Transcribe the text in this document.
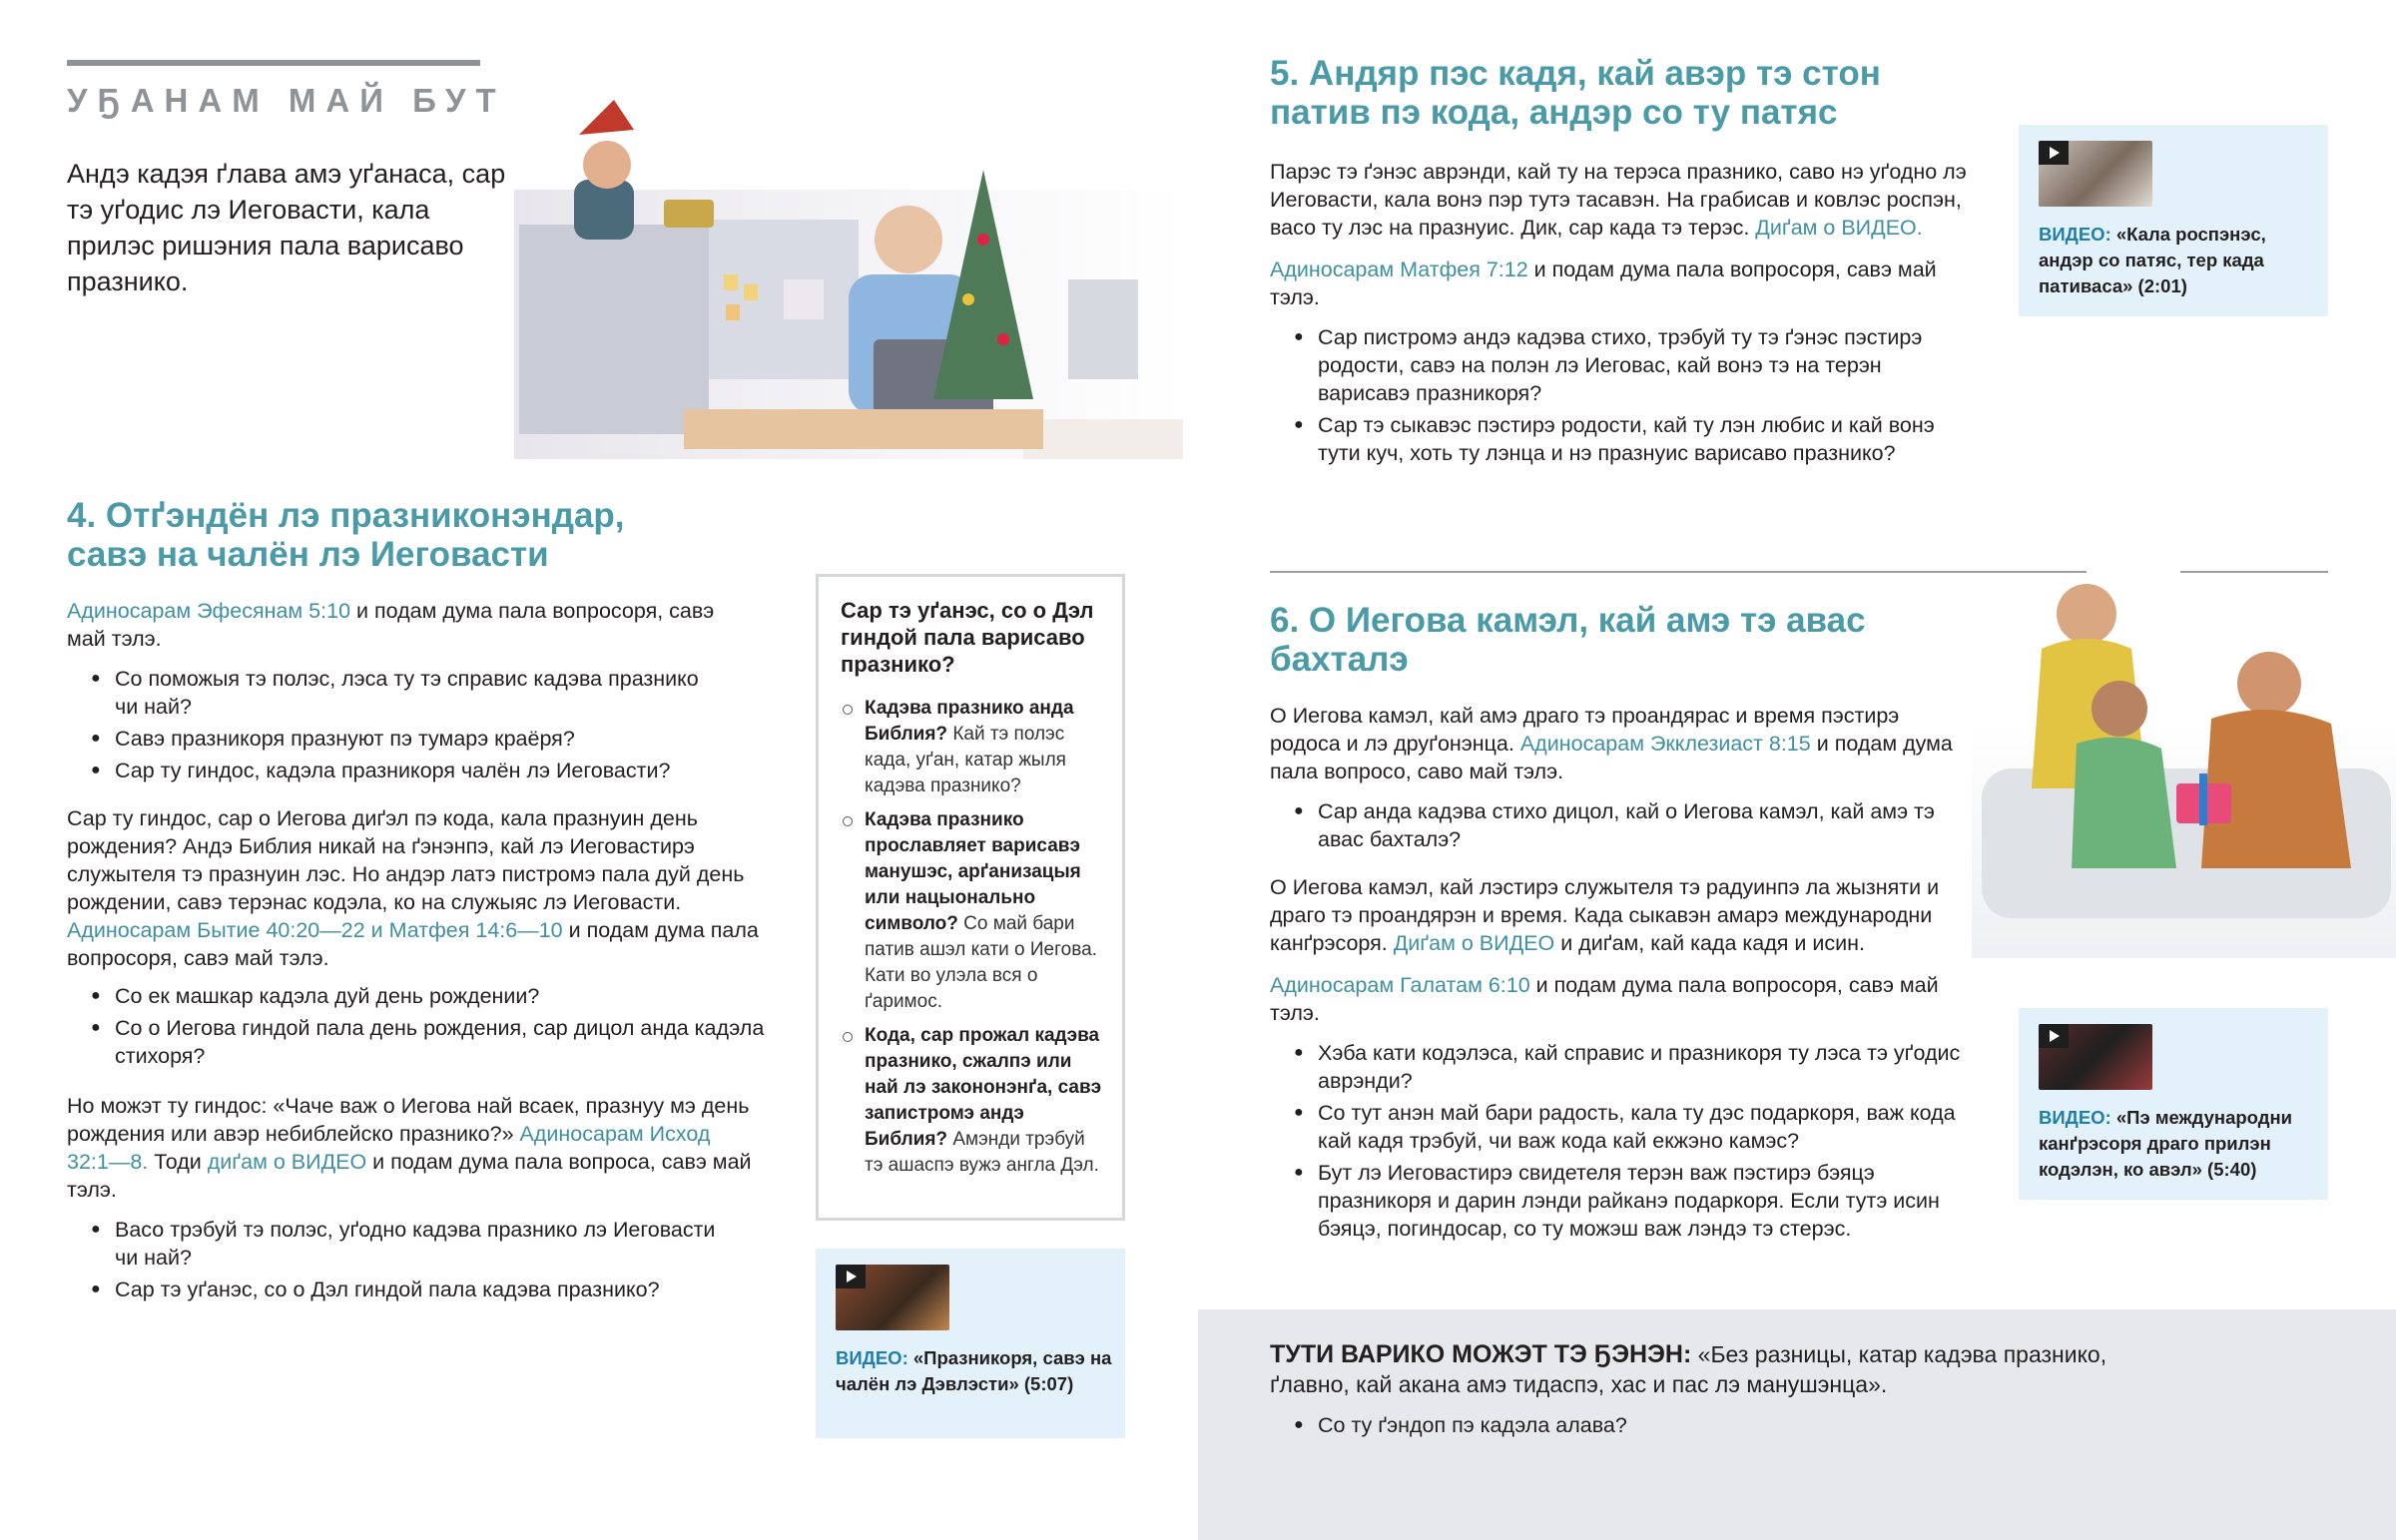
УҔАНАМ МАЙ БУТ
Андэ кадэя ґлава амэ уґанаса, сар тэ уґодис лэ Иеговасти, кала прилэс ришэния пала варисаво празнико.
4. Отґэндён лэ празниконэндар,
савэ на чалён лэ Иеговасти

Адиносарам Эфесянам 5:10 и подам дума пала вопросоря, савэ май тэлэ.

● Со поможыя тэ полэс, лэса ту тэ справис кадэва празнико чи най?
● Савэ празникоря празнуют пэ тумарэ краёря?
● Сар ту гиндос, кадэла празникоря чалён лэ Иеговасти?

Сар ту гиндос, сар о Иегова диґэл пэ кода, кала празнуин день рождения? Андэ Библия никай на ґэнэнпэ, кай лэ Иеговастирэ служытеля тэ празнуин лэс. Но андэр латэ пистромэ пала дуй день рождении, савэ терэнас кодэла, ко на служыяс лэ Иеговасти. Адиносарам Бытие 40:20—22 и Матфея 14:6—10 и подам дума пала вопросоря, савэ май тэлэ.

● Со ек машкар кадэла дуй день рождении?
● Со о Иегова гиндой пала день рождения, сар дицол анда кадэла стихоря?

Но можэт ту гиндос: «Чаче важ о Иегова най всаек, празнуу мэ день рождения или авэр небиблейско празнико?» Адиносарам Исход 32:1—8. Тоди диґам о ВИДЕО и подам дума пала вопроса, савэ май тэлэ.

● Васо трэбуй тэ полэс, уґодно кадэва празнико лэ Иеговасти чи най?
● Сар тэ уґанэс, со о Дэл гиндой пала кадэва празнико?
Сар тэ уґанэс, со о Дэл гиндой пала варисаво празнико?
Кадэва празнико анда Библия? Кай тэ полэс када, уґан, катар жыля кадэва празнико?
Кадэва празнико прославляет варисавэ манушэс, арґанизацыя или нацыонально символо? Со май бари патив ашэл кати о Иегова. Кати во улэла вся о ґаримос.
Кода, сар прожал кадэва празнико, сжалпэ или най лэ закононэнґа, савэ запистромэ андэ Библия? Амэнди трэбуй тэ ашаспэ вужэ англа Дэл.
ВИДЕО: «Празникоря, савэ на чалён лэ Дэвлэсти» (5:07)
5. Андяр пэс кадя, кай авэр тэ стон
патив пэ кода, андэр со ту патяс

Парэс тэ ґэнэс аврэнди, кай ту на терэса празнико, саво нэ уґодно лэ Иеговасти, кала вонэ пэр тутэ тасавэн. На грабисав и ковлэс роспэн, васо ту лэс на празнуис. Дик, сар када тэ терэс. Диґам о ВИДЕО.

Адиносарам Матфея 7:12 и подам дума пала вопросоря, савэ май тэлэ.

● Сар пистромэ андэ кадэва стихо, трэбуй ту тэ ґэнэс пэстирэ родости, савэ на полэн лэ Иеговас, кай вонэ тэ на терэн варисавэ празникоря?
● Сар тэ сыкавэс пэстирэ родости, кай ту лэн любис и кай вонэ тути куч, хоть ту лэнца и нэ празнуис варисаво празнико?
ВИДЕО: «Кала роспэнэс, андэр со патяс, тер када пативаса» (2:01)
6. О Иегова камэл, кай амэ тэ авас
бахталэ

О Иегова камэл, кай амэ драго тэ проандярас и время пэстирэ родоса и лэ друґонэнца. Адиносарам Экклезиаст 8:15 и подам дума пала вопросо, саво май тэлэ.

● Сар анда кадэва стихо дицол, кай о Иегова камэл, кай амэ тэ авас бахталэ?

О Иегова камэл, кай лэстирэ служытеля тэ радуинпэ ла жызняти и драго тэ проандярэн и время. Када сыкавэн амарэ международни канґрэсоря. Диґам о ВИДЕО и диґам, кай када кадя и исин.

Адиносарам Галатам 6:10 и подам дума пала вопросоря, савэ май тэлэ.

● Хэба кати кодэлэса, кай справис и празникоря ту лэса тэ уґодис аврэнди?
● Со тут анэн май бари радость, кала ту дэс подаркоря, важ кода кай кадя трэбуй, чи важ кода кай екжэно камэс?
● Бут лэ Иеговастирэ свидетеля терэн важ пэстирэ бэяцэ празникоря и дарин лэнди райканэ подаркоря. Если тутэ исин бэяцэ, погиндосар, со ту можэш важ лэндэ тэ стерэс.
ВИДЕО: «Пэ международни канґрэсоря драго прилэн кодэлэн, ко авэл» (5:40)

ТУТИ ВАРИКО МОЖЭТ ТЭ ҔЭНЭН: «Без разницы, катар кадэва празнико, ґлавно, кай акана амэ тидаспэ, хас и пас лэ манушэнца».

● Со ту ґэндоп пэ кадэла алава?
